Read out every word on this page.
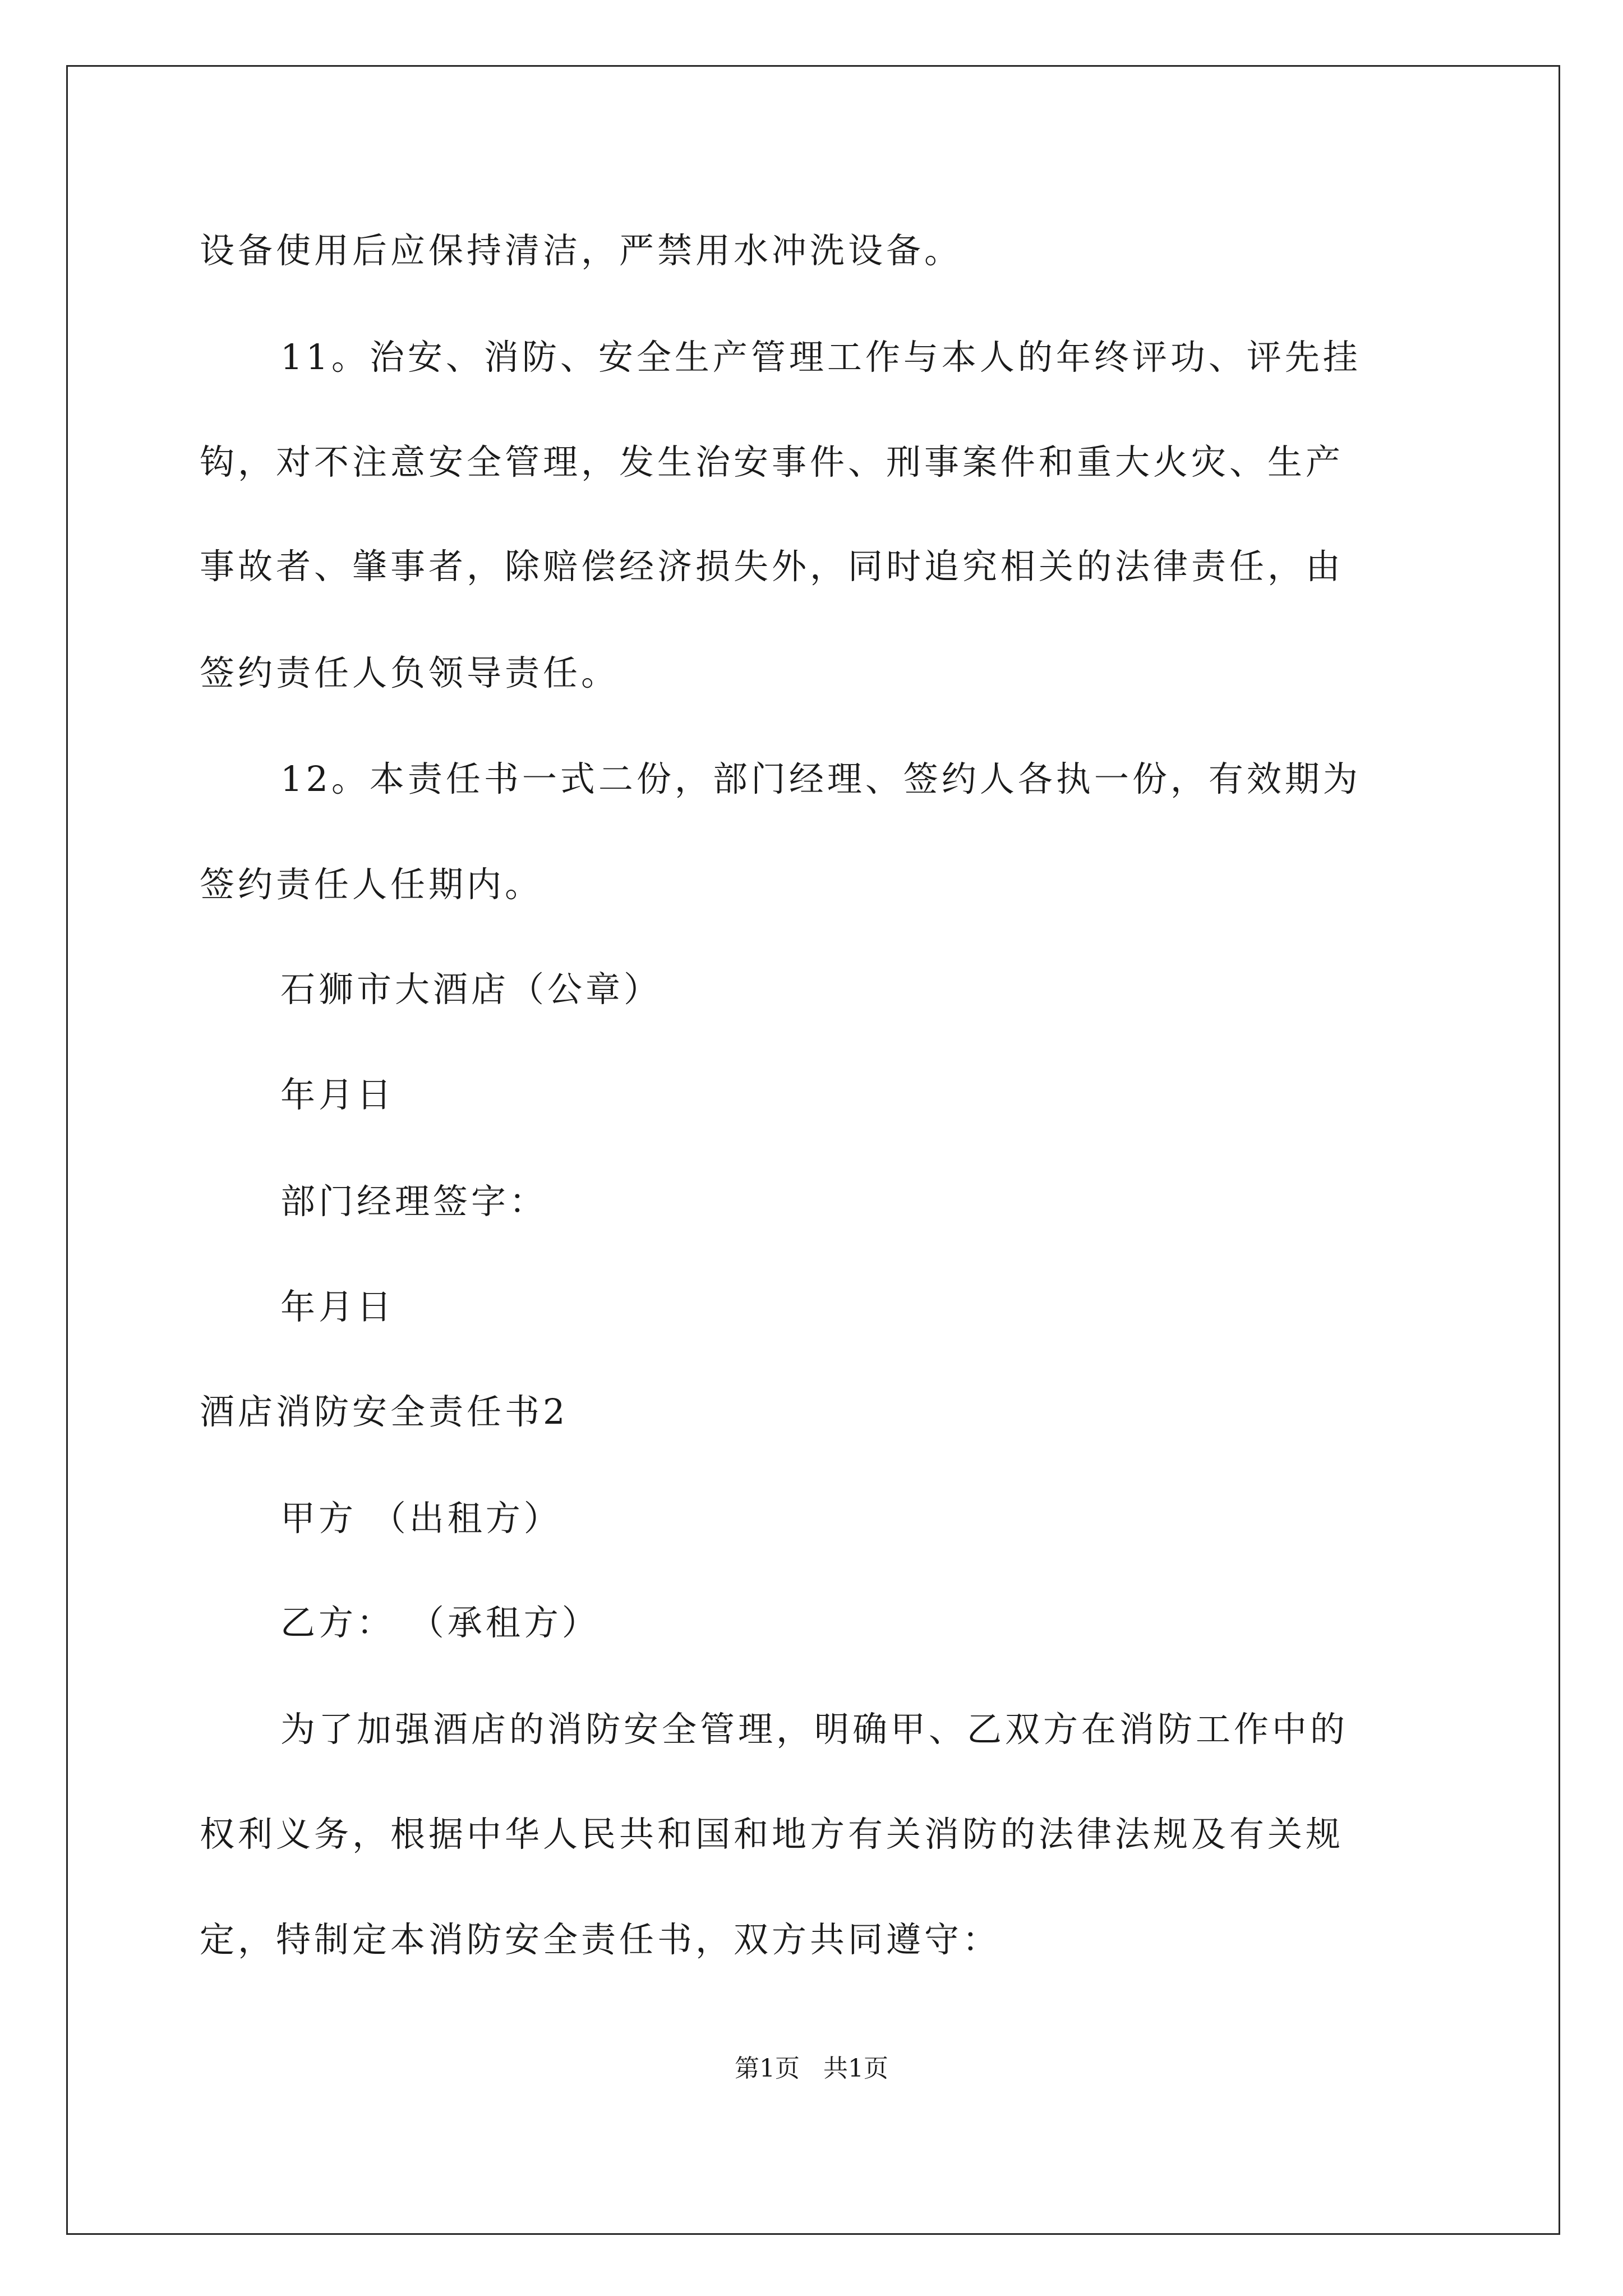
设备使用后应保持清洁，严禁用水冲洗设备。
11。治安、消防、安全生产管理工作与本人的年终评功、评先挂
钩，对不注意安全管理，发生治安事件、刑事案件和重大火灾、生产
事故者、肇事者，除赔偿经济损失外，同时追究相关的法律责任，由
签约责任人负领导责任。
12。本责任书一式二份，部门经理、签约人各执一份，有效期为
签约责任人任期内。
石狮市大酒店（公章）
年月日
部门经理签字：
年月日
酒店消防安全责任书2
甲方 （出租方）
乙方： （承租方）
为了加强酒店的消防安全管理，明确甲、乙双方在消防工作中的
权利义务，根据中华人民共和国和地方有关消防的法律法规及有关规
定，特制定本消防安全责任书，双方共同遵守：
第1页   共1页
